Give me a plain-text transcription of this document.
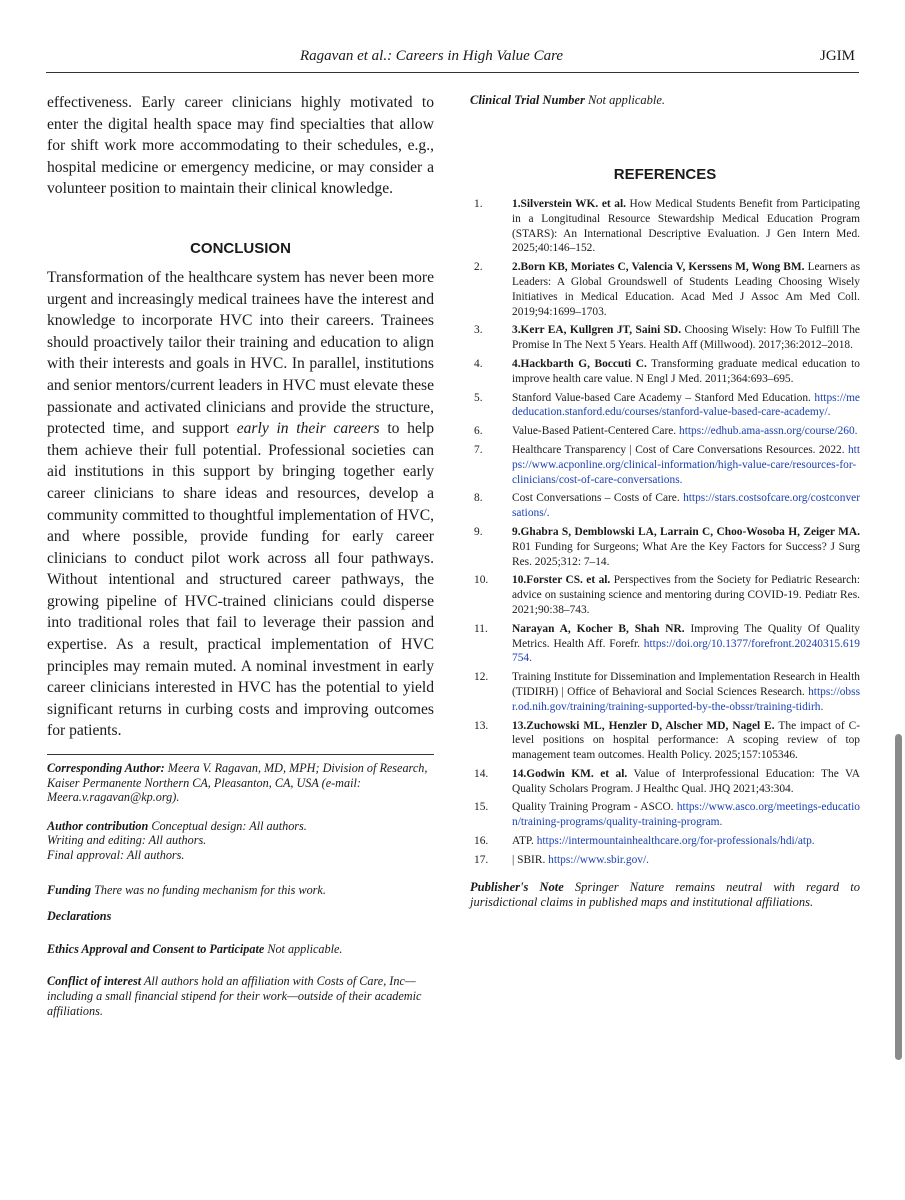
Ragavan et al.: Careers in High Value Care	JGIM

effectiveness. Early career clinicians highly motivated to enter the digital health space may find specialties that allow for shift work more accommodating to their schedules, e.g., hospital medicine or emergency medicine, or may consider a volunteer position to maintain their clinical knowledge.

CONCLUSION

Transformation of the healthcare system has never been more urgent and increasingly medical trainees have the interest and knowledge to incorporate HVC into their careers. Trainees should proactively tailor their training and education to align with their interests and goals in HVC. In parallel, institutions and senior mentors/current leaders in HVC must elevate these passionate and activated clinicians and provide the structure, protected time, and support early in their careers to help them achieve their full potential. Professional societies can aid institutions in this support by bringing together early career clinicians to share ideas and resources, develop a community committed to thoughtful implementation of HVC, and where possible, provide funding for early career clinicians to conduct pilot work across all four pathways. Without intentional and structured career pathways, the growing pipeline of HVC-trained clinicians could disperse into traditional roles that fail to leverage their passion and expertise. As a result, practical implementation of HVC principles may remain muted. A nominal investment in early career clinicians interested in HVC has the potential to yield significant returns in curbing costs and improving outcomes for patients.

Corresponding Author: Meera V. Ragavan, MD, MPH; Division of Research, Kaiser Permanente Northern CA, Pleasanton, CA, USA (e-mail: Meera.v.ragavan@kp.org).

Author contribution Conceptual design: All authors.
Writing and editing: All authors.
Final approval: All authors.

Funding There was no funding mechanism for this work.

Declarations

Ethics Approval and Consent to Participate Not applicable.

Conflict of interest All authors hold an affiliation with Costs of Care, Inc—including a small financial stipend for their work—outside of their academic affiliations.

Clinical Trial Number Not applicable.

REFERENCES
1.	1.Silverstein WK. et al. How Medical Students Benefit from Participating in a Longitudinal Resource Stewardship Medical Education Program (STARS): An International Descriptive Evaluation. J Gen Intern Med. 2025;40:146–152.
2.	2.Born KB, Moriates C, Valencia V, Kerssens M, Wong BM. Learners as Leaders: A Global Groundswell of Students Leading Choosing Wisely Initiatives in Medical Education. Acad Med J Assoc Am Med Coll. 2019;94:1699–1703.
3.	3.Kerr EA, Kullgren JT, Saini SD. Choosing Wisely: How To Fulfill The Promise In The Next 5 Years. Health Aff (Millwood). 2017;36:2012–2018.
4.	4.Hackbarth G, Boccuti C. Transforming graduate medical education to improve health care value. N Engl J Med. 2011;364:693–695.
5.	Stanford Value-based Care Academy – Stanford Med Education. https://mededucation.stanford.edu/courses/stanford-value-based-care-academy/.
6.	Value-Based Patient-Centered Care. https://edhub.ama-assn.org/course/260.
7.	Healthcare Transparency | Cost of Care Conversations Resources. 2022. https://www.acponline.org/clinical-information/high-value-care/resources-for-clinicians/cost-of-care-conversations.
8.	Cost Conversations – Costs of Care. https://stars.costsofcare.org/costconversations/.
9.	9.Ghabra S, Demblowski LA, Larrain C, Choo-Wosoba H, Zeiger MA. R01 Funding for Surgeons; What Are the Key Factors for Success? J Surg Res. 2025;312: 7–14.
10.	10.Forster CS. et al. Perspectives from the Society for Pediatric Research: advice on sustaining science and mentoring during COVID-19. Pediatr Res. 2021;90:38–743.
11.	Narayan A, Kocher B, Shah NR. Improving The Quality Of Quality Metrics. Health Aff. Forefr. https://doi.org/10.1377/forefront.20240315.619754.
12.	Training Institute for Dissemination and Implementation Research in Health (TIDIRH) | Office of Behavioral and Social Sciences Research. https://obssr.od.nih.gov/training/training-supported-by-the-obssr/training-tidirh.
13.	13.Zuchowski ML, Henzler D, Alscher MD, Nagel E. The impact of C-level positions on hospital performance: A scoping review of top management team outcomes. Health Policy. 2025;157:105346.
14.	14.Godwin KM. et al. Value of Interprofessional Education: The VA Quality Scholars Program. J Healthc Qual. JHQ 2021;43:304.
15.	Quality Training Program - ASCO. https://www.asco.org/meetings-education/training-programs/quality-training-program.
16.	ATP. https://intermountainhealthcare.org/for-professionals/hdi/atp.
17.	| SBIR. https://www.sbir.gov/.

Publisher's Note Springer Nature remains neutral with regard to jurisdictional claims in published maps and institutional affiliations.
